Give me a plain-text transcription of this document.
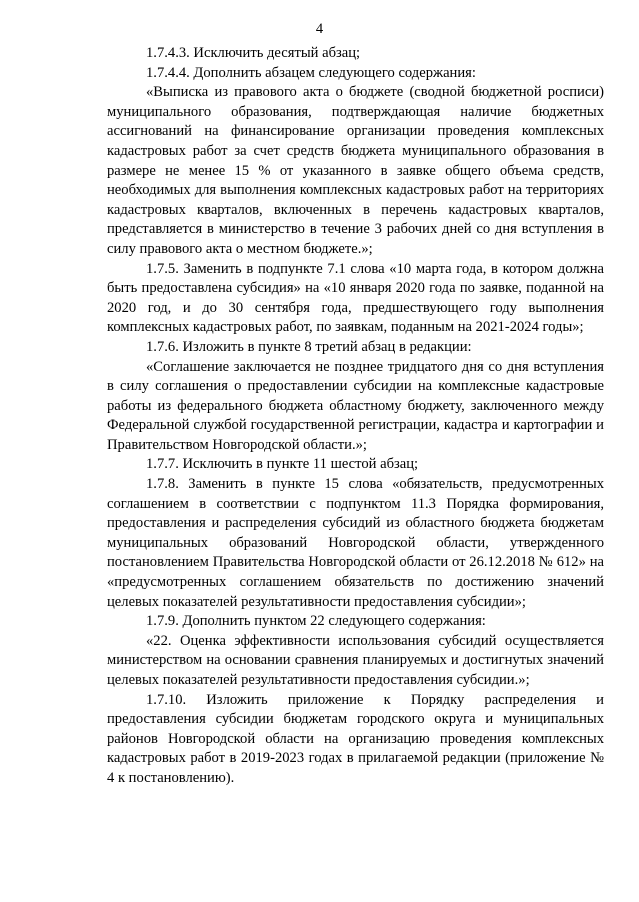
4

1.7.4.3. Исключить десятый абзац;

1.7.4.4. Дополнить абзацем следующего содержания:

«Выписка из правового акта о бюджете (сводной бюджетной росписи) муниципального образования, подтверждающая наличие бюджетных ассигнований на финансирование организации проведения комплексных кадастровых работ за счет средств бюджета муниципального образования в размере не менее 15 % от указанного в заявке общего объема средств, необходимых для выполнения комплексных кадастровых работ на территориях кадастровых кварталов, включенных в перечень кадастровых кварталов, представляется в министерство в течение 3 рабочих дней со дня вступления в силу правового акта о местном бюджете.»;

1.7.5. Заменить в подпункте 7.1 слова «10 марта года, в котором должна быть предоставлена субсидия» на «10 января 2020 года по заявке, поданной на 2020 год, и до 30 сентября года, предшествующего году выполнения комплексных кадастровых работ, по заявкам, поданным на 2021-2024 годы»;

1.7.6. Изложить в пункте 8 третий абзац в редакции:

«Соглашение заключается не позднее тридцатого дня со дня вступления в силу соглашения о предоставлении субсидии на комплексные кадастровые работы из федерального бюджета областному бюджету, заключенного между Федеральной службой государственной регистрации, кадастра и картографии и Правительством Новгородской области.»;

1.7.7. Исключить в пункте 11 шестой абзац;

1.7.8. Заменить в пункте 15 слова «обязательств, предусмотренных соглашением в соответствии с подпунктом 11.3 Порядка формирования, предоставления и распределения субсидий из областного бюджета бюджетам муниципальных образований Новгородской области, утвержденного постановлением Правительства Новгородской области от 26.12.2018 № 612» на «предусмотренных соглашением обязательств по достижению значений целевых показателей результативности предоставления субсидии»;

1.7.9. Дополнить пунктом 22 следующего содержания:

«22. Оценка эффективности использования субсидий осуществляется министерством на основании сравнения планируемых и достигнутых значений целевых показателей результативности предоставления субсидии.»;

1.7.10. Изложить приложение к Порядку распределения и предоставления субсидии бюджетам городского округа и муниципальных районов Новгородской области на организацию проведения комплексных кадастровых работ в 2019-2023 годах в прилагаемой редакции (приложение № 4 к постановлению).
